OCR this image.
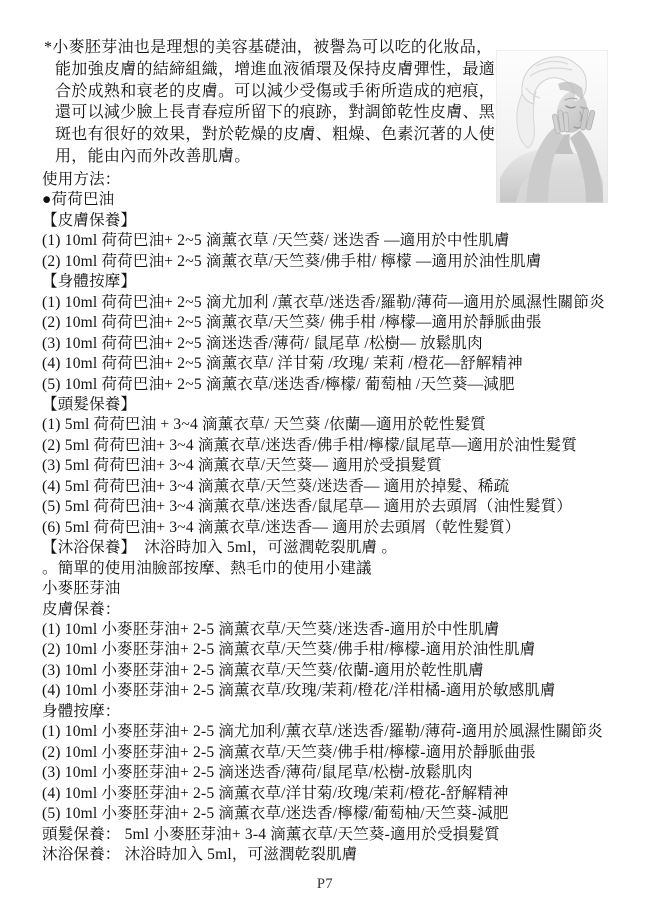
*小麥胚芽油也是理想的美容基礎油，被譽為可以吃的化妝品，
能加強皮膚的結締組織，增進血液循環及保持皮膚彈性，最適
合於成熟和衰老的皮膚。可以減少受傷或手術所造成的疤痕，
還可以減少臉上長青春痘所留下的痕跡，對調節乾性皮膚、黑
斑也有很好的效果，對於乾燥的皮膚、粗燥、色素沉著的人使
用，能由內而外改善肌膚。
使用方法：
●荷荷巴油
【皮膚保養】
(1) 10ml 荷荷巴油+ 2~5 滴薰衣草 /天竺葵/ 迷迭香 —適用於中性肌膚
(2) 10ml 荷荷巴油+ 2~5 滴薰衣草/天竺葵/佛手柑/ 檸檬 —適用於油性肌膚
【身體按摩】
(1) 10ml 荷荷巴油+ 2~5 滴尤加利 /薰衣草/迷迭香/羅勒/薄荷—適用於風濕性關節炎
(2) 10ml 荷荷巴油+ 2~5 滴薰衣草/天竺葵/ 佛手柑 /檸檬—適用於靜脈曲張
(3) 10ml 荷荷巴油+ 2~5 滴迷迭香/薄荷/ 鼠尾草 /松樹— 放鬆肌肉
(4) 10ml 荷荷巴油+ 2~5 滴薰衣草/ 洋甘菊 /玫瑰/ 茉莉 /橙花—舒解精神
(5) 10ml 荷荷巴油+ 2~5 滴薰衣草/迷迭香/檸檬/ 葡萄柚 /天竺葵—減肥
【頭髮保養】
(1) 5ml 荷荷巴油 + 3~4 滴薰衣草/ 天竺葵 /依蘭—適用於乾性髮質
(2) 5ml 荷荷巴油+ 3~4 滴薰衣草/迷迭香/佛手柑/檸檬/鼠尾草—適用於油性髮質
(3) 5ml 荷荷巴油+ 3~4 滴薰衣草/天竺葵— 適用於受損髮質
(4) 5ml 荷荷巴油+ 3~4 滴薰衣草/天竺葵/迷迭香— 適用於掉髮、稀疏
(5) 5ml 荷荷巴油+ 3~4 滴薰衣草/迷迭香/鼠尾草— 適用於去頭屑（油性髮質）
(6) 5ml 荷荷巴油+ 3~4 滴薰衣草/迷迭香— 適用於去頭屑（乾性髮質）
【沐浴保養】  沐浴時加入 5ml，可滋潤乾裂肌膚 。
。簡單的使用油臉部按摩、熱毛巾的使用小建議
小麥胚芽油
皮膚保養：
(1) 10ml 小麥胚芽油+ 2-5 滴薰衣草/天竺葵/迷迭香-適用於中性肌膚
(2) 10ml 小麥胚芽油+ 2-5 滴薰衣草/天竺葵/佛手柑/檸檬-適用於油性肌膚
(3) 10ml 小麥胚芽油+ 2-5 滴薰衣草/天竺葵/依蘭-適用於乾性肌膚
(4) 10ml 小麥胚芽油+ 2-5 滴薰衣草/玫瑰/茉莉/橙花/洋柑橘-適用於敏感肌膚
身體按摩：
(1) 10ml 小麥胚芽油+ 2-5 滴尤加利/薰衣草/迷迭香/羅勒/薄荷-適用於風濕性關節炎
(2) 10ml 小麥胚芽油+ 2-5 滴薰衣草/天竺葵/佛手柑/檸檬-適用於靜脈曲張
(3) 10ml 小麥胚芽油+ 2-5 滴迷迭香/薄荷/鼠尾草/松樹-放鬆肌肉
(4) 10ml 小麥胚芽油+ 2-5 滴薰衣草/洋甘菊/玫瑰/茉莉/橙花-舒解精神
(5) 10ml 小麥胚芽油+ 2-5 滴薰衣草/迷迭香/檸檬/葡萄柚/天竺葵-減肥
頭髮保養： 5ml 小麥胚芽油+ 3-4 滴薰衣草/天竺葵-適用於受損髮質
沐浴保養： 沐浴時加入 5ml，可滋潤乾裂肌膚
P7
